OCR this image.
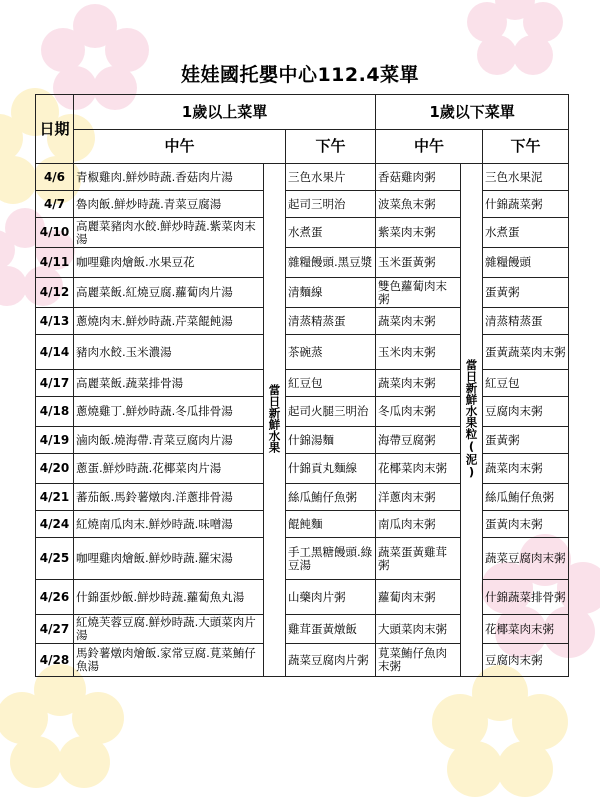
娃娃國托嬰中心112.4菜單
日期	1歲以上菜單			1歲以下菜單		
	中午		下午	中午		下午
4/6	青椒雞肉.鮮炒時蔬.香菇肉片湯	當日新鮮水果	三色水果片	香菇雞肉粥	當日新鮮水果粒(泥)	三色水果泥
4/7	魯肉飯.鮮炒時蔬.青菜豆腐湯		起司三明治	波菜魚末粥		什錦蔬菜粥
4/10	高麗菜豬肉水餃.鮮炒時蔬.紫菜肉末湯		水煮蛋	紫菜肉末粥		水煮蛋
4/11	咖哩雞肉燴飯.水果豆花		雜糧饅頭.黑豆漿	玉米蛋黃粥		雜糧饅頭
4/12	高麗菜飯.紅燒豆腐.蘿蔔肉片湯		清麵線	雙色蘿蔔肉末粥		蛋黃粥
4/13	蔥燒肉末.鮮炒時蔬.芹菜餛飩湯		清蒸精蒸蛋	蔬菜肉末粥		清蒸精蒸蛋
4/14	豬肉水餃.玉米濃湯		茶碗蒸	玉米肉末粥		蛋黃蔬菜肉末粥
4/17	高麗菜飯.蔬菜排骨湯		紅豆包	蔬菜肉末粥		紅豆包
4/18	蔥燒雞丁.鮮炒時蔬.冬瓜排骨湯		起司火腿三明治	冬瓜肉末粥		豆腐肉末粥
4/19	滷肉飯.燒海帶.青菜豆腐肉片湯		什錦湯麵	海帶豆腐粥		蛋黃粥
4/20	蔥蛋.鮮炒時蔬.花椰菜肉片湯		什錦貢丸麵線	花椰菜肉末粥		蔬菜肉末粥
4/21	蕃茄飯.馬鈴薯燉肉.洋蔥排骨湯		絲瓜鮪仔魚粥	洋蔥肉末粥		絲瓜鮪仔魚粥
4/24	紅燒南瓜肉末.鮮炒時蔬.味噌湯		餛飩麵	南瓜肉末粥		蛋黃肉末粥
4/25	咖哩雞肉燴飯.鮮炒時蔬.羅宋湯		手工黑糖饅頭.綠豆湯	蔬菜蛋黃雞茸粥		蔬菜豆腐肉末粥
4/26	什錦蛋炒飯.鮮炒時蔬.蘿蔔魚丸湯		山藥肉片粥	蘿蔔肉末粥		什錦蔬菜排骨粥
4/27	紅燒芙蓉豆腐.鮮炒時蔬.大頭菜肉片湯		雞茸蛋黃燉飯	大頭菜肉末粥		花椰菜肉末粥
4/28	馬鈴薯燉肉燴飯.家常豆腐.莧菜鮪仔魚湯		蔬菜豆腐肉片粥	莧菜鮪仔魚肉末粥		豆腐肉末粥
